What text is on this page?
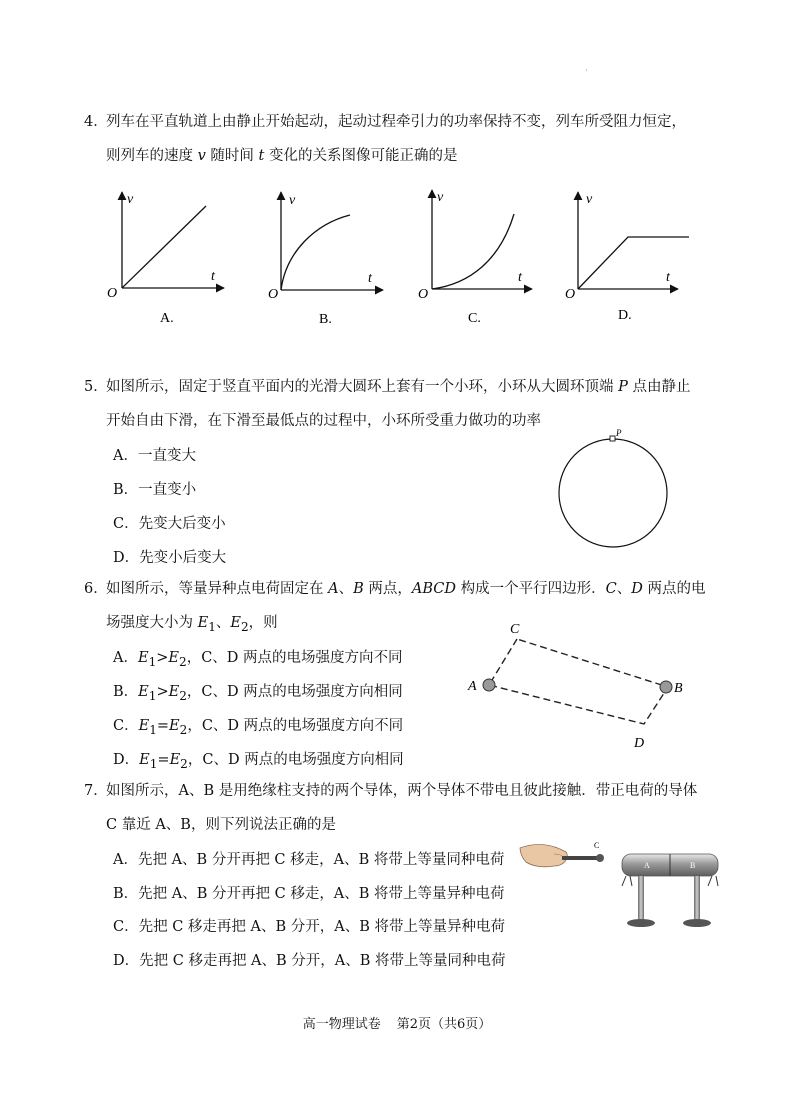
·
4．列车在平直轨道上由静止开始起动，起动过程牵引力的功率保持不变，列车所受阻力恒定，
则列车的速度 v 随时间 t 变化的关系图像可能正确的是
v
t
O
A.
v
t
O
B.
v
t
O
C.
v
t
O
D.
5．如图所示，固定于竖直平面内的光滑大圆环上套有一个小环，小环从大圆环顶端 P 点由静止
开始自由下滑，在下滑至最低点的过程中，小环所受重力做功的功率
A．一直变大
B．一直变小
C．先变大后变小
D．先变小后变大
P
6．如图所示，等量异种点电荷固定在 A、B 两点，ABCD 构成一个平行四边形．C、D 两点的电
场强度大小为 $E_1$、$E_2$，则
A．$E_1>E_2$，C、D 两点的电场强度方向不同
B．$E_1>E_2$，C、D 两点的电场强度方向相同
C．$E_1=E_2$，C、D 两点的电场强度方向不同
D．$E_1=E_2$，C、D 两点的电场强度方向相同
C
A	B
D
7．如图所示，A、B 是用绝缘柱支持的两个导体，两个导体不带电且彼此接触．带正电荷的导体
C 靠近 A、B，则下列说法正确的是
A．先把 A、B 分开再把 C 移走，A、B 将带上等量同种电荷
B．先把 A、B 分开再把 C 移走，A、B 将带上等量异种电荷
C．先把 C 移走再把 A、B 分开，A、B 将带上等量异种电荷
D．先把 C 移走再把 A、B 分开，A、B 将带上等量同种电荷
C
A	B
高一物理试卷 第2页（共6页）
